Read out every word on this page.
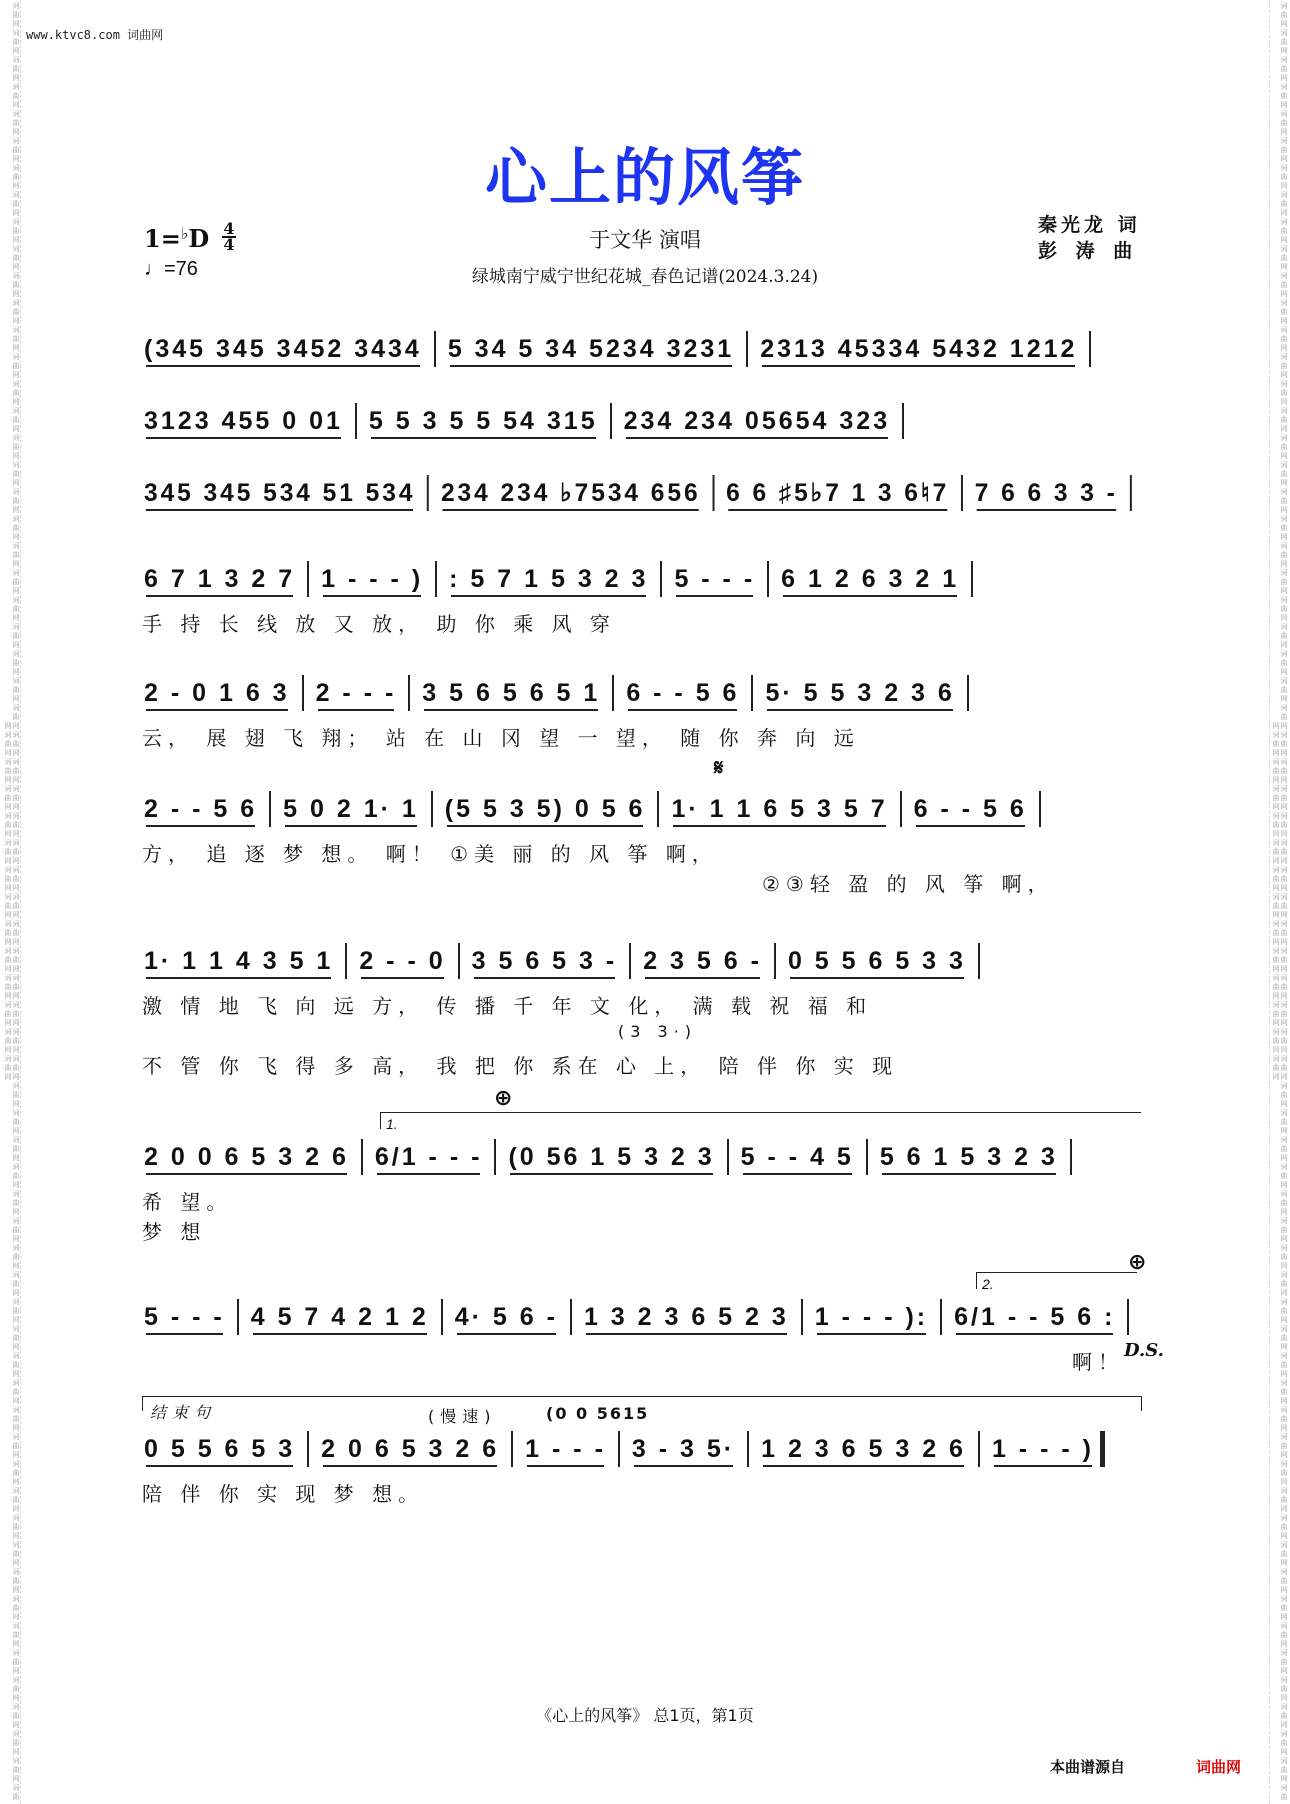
词曲网词曲网词曲网词曲网词曲网词曲网词曲网词曲网词曲网词曲网词曲网词曲网词曲网词曲网词曲网词曲网词曲网词曲网词曲网词曲网词曲网词曲网词曲网词曲网词曲网词曲网词曲网词曲网词曲网词曲网词曲网词曲网词曲网词曲网词曲网词曲网词曲网词曲网词曲网词曲网词曲网词曲网词曲网词曲网词曲网词曲网词曲网词曲网词曲网词曲网词曲网词曲网词曲网词曲网词曲网词曲网词曲网词曲网词曲网词曲网词曲网词曲网词曲网词曲网词曲网词曲网词曲网词曲网词曲网词曲网词曲网词曲网词曲网词曲网词曲网词曲网词曲网词曲网词曲网词曲网	词曲网词曲网词曲网词曲网词曲网词曲网词曲网词曲网词曲网词曲网词曲网词曲网词曲网词曲网词曲网词曲网词曲网词曲网词曲网词曲网词曲网词曲网词曲网词曲网词曲网词曲网词曲网词曲网词曲网词曲网词曲网词曲网词曲网词曲网词曲网词曲网词曲网词曲网词曲网词曲网词曲网词曲网词曲网词曲网词曲网词曲网词曲网词曲网词曲网词曲网词曲网词曲网词曲网词曲网词曲网词曲网词曲网词曲网词曲网词曲网词曲网词曲网词曲网词曲网词曲网词曲网词曲网词曲网词曲网词曲网词曲网词曲网词曲网词曲网词曲网词曲网词曲网词曲网词曲网词曲网
www.ktvc8.com 词曲网
心上的风筝
1=♭D 4
4
♩=76
于文华 演唱
绿城南宁威宁世纪花城_春色记谱(2024.3.24)
秦光龙 词
彭 涛 曲
(345 345 3452 3434 5 34 5 34 5234 3231 2313 45334 5432 1212
3123 455 0 01 5 5 3 5 5 54 315 234 234 05654 323
345 345 534 51 534 234 234 ♭7534 656 6 6 ♯5♭7 1 3 6♮7 7 6 6 3 3 -
6 7 1 3 2 7 1 - - - ) : 5 7 1 5 3 2 3 5 - - - 6 1 2 6 3 2 1
手 持 长 线 放 又 放， 助 你 乘 风 穿
2 - 0 1 6 3 2 - - - 3 5 6 5 6 5 1 6 - - 5 6 5· 5 5 3 2 3 6
云， 展 翅 飞 翔； 站 在 山 冈 望 一 望， 随 你 奔 向 远
2 - - 5 6 5 0 2 1· 1 (5 5 3 5) 0 5 6 1· 1 1 6 5 3 5 7 6 - - 5 6
方， 追 逐 梦 想。 啊！ ①美 丽 的 风 筝 啊，
②③轻 盈 的 风 筝 啊，
1· 1 1 4 3 5 1 2 - - 0 3 5 6 5 3 - 2 3 5 6 - 0 5 5 6 5 3 3
激 情 地 飞 向 远 方， 传 播 千 年 文 化， 满 载 祝 福 和
不 管 你 飞 得 多 高， 我 把 你 系在 心 上， 陪 伴 你 实 现
(3 3·)
2 0 0 6 5 3 2 6 6/1 - - - (0 56 1 5 3 2 3 5 - - 4 5 5 6 1 5 3 2 3
希 望。
梦 想
1.
5 - - - 4 5 7 4 2 1 2 4· 5 6 - 1 3 2 3 6 5 2 3 1 - - - ): 6/1 - - 5 6 :
啊！
2.
D.S.
0 5 5 6 5 3 2 0 6 5 3 2 6 1 - - - 3 - 3 5· 1 2 3 6 5 3 2 6 1 - - - )
陪 伴 你 实 现 梦 想。
结束句	(慢速)	(0 0 5615
《心上的风筝》 总1页，第1页
本曲谱源自	词曲网
𝄋
⊕
⊕
